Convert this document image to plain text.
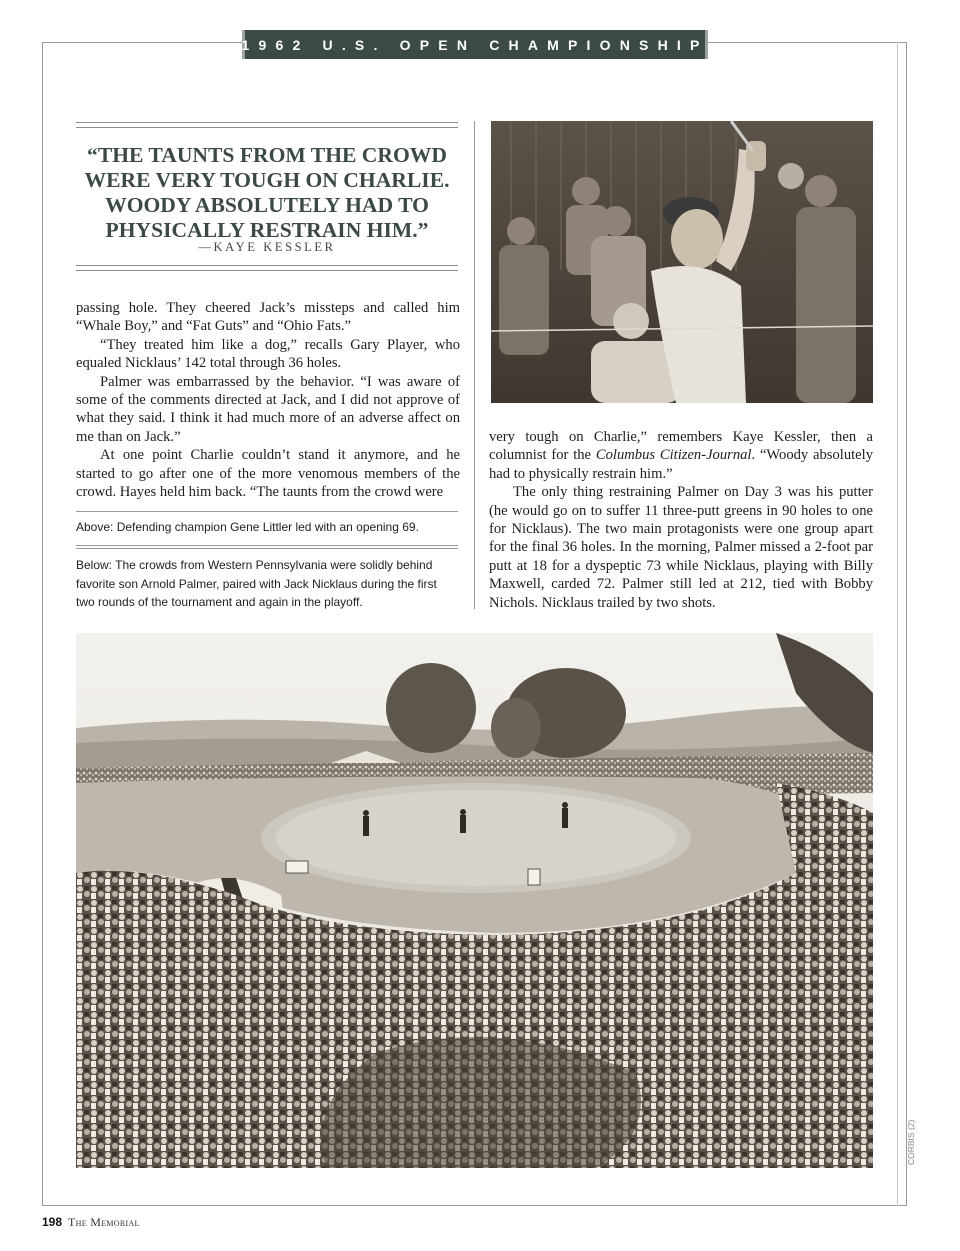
1962 U.S. OPEN CHAMPIONSHIP
“THE TAUNTS FROM THE CROWD WERE VERY TOUGH ON CHARLIE. WOODY ABSOLUTELY HAD TO PHYSICALLY RESTRAIN HIM.”
—KAYE KESSLER

passing hole. They cheered Jack’s missteps and called him “Whale Boy,” and “Fat Guts” and “Ohio Fats.”

“They treated him like a dog,” recalls Gary Player, who equaled Nicklaus’ 142 total through 36 holes.

Palmer was embarrassed by the behavior. “I was aware of some of the comments directed at Jack, and I did not approve of what they said. I think it had much more of an adverse affect on me than on Jack.”

At one point Charlie couldn’t stand it anymore, and he started to go after one of the more venomous members of the crowd. Hayes held him back. “The taunts from the crowd were

Above: Defending champion Gene Littler led with an opening 69.
Below: The crowds from Western Pennsylvania were solidly behind favorite son Arnold Palmer, paired with Jack Nicklaus during the first two rounds of the tournament and again in the playoff.

very tough on Charlie,” remembers Kaye Kessler, then a columnist for the Columbus Citizen-Journal. “Woody absolutely had to physically restrain him.”

The only thing restraining Palmer on Day 3 was his putter (he would go on to suffer 11 three-putt greens in 90 holes to one for Nicklaus). The two main protagonists were one group apart for the final 36 holes. In the morning, Palmer missed a 2-foot par putt at 18 for a dyspeptic 73 while Nicklaus, playing with Billy Maxwell, carded 72. Palmer still led at 212, tied with Bobby Nichols. Nicklaus trailed by two shots.

CORBIS (2)
198 The Memorial
